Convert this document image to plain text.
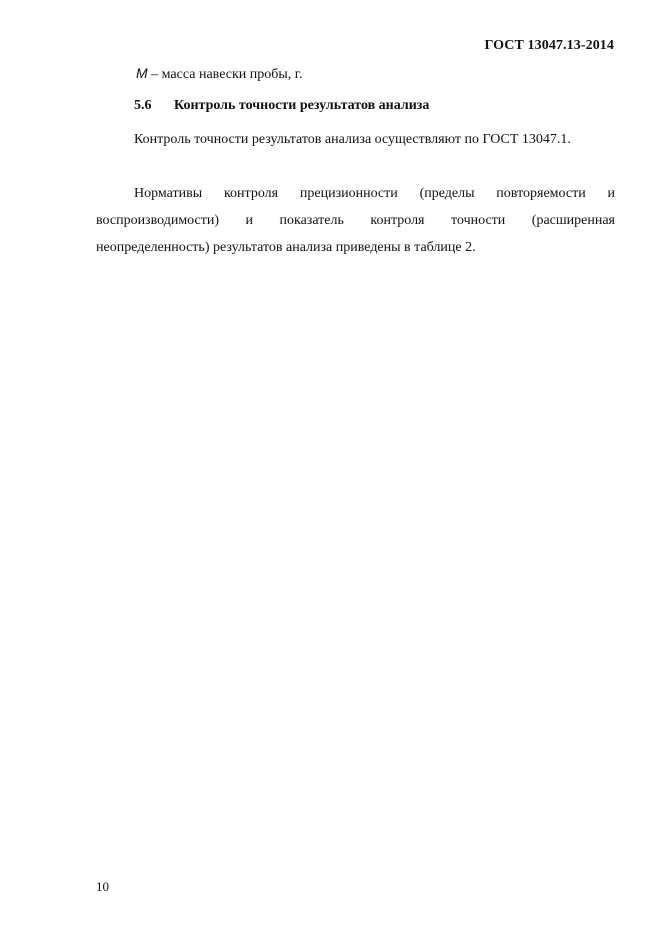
ГОСТ 13047.13-2014
M – масса навески пробы, г.
5.6 Контроль точности результатов анализа
Контроль точности результатов анализа осуществляют по ГОСТ 13047.1.
Нормативы контроля прецизионности (пределы повторяемости и воспроизводимости) и показатель контроля точности (расширенная неопределенность) результатов анализа приведены в таблице 2.
10
